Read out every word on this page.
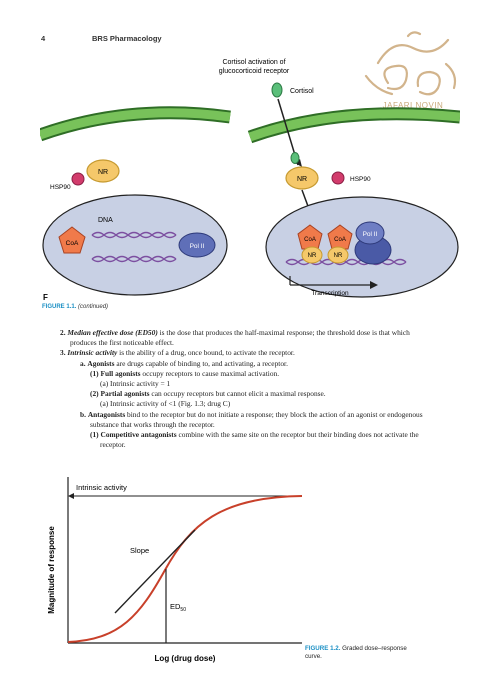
4	BRS Pharmacology
JAFARI NOVIN
PUBLICATION
Cortisol activation of
glucocorticoid receptor
Cortisol
NR
HSP90
DNA
CoA	Pol II
NR	HSP90
CoA	CoA
NR	NR
Pol II
Transcription
F
FIGURE 1.1. (continued)

2. Median effective dose (ED50) is the dose that produces the half-maximal response; the threshold dose is that which produces the first noticeable effect.

3. Intrinsic activity is the ability of a drug, once bound, to activate the receptor.

a. Agonists are drugs capable of binding to, and activating, a receptor.

(1) Full agonists occupy receptors to cause maximal activation.

(a) Intrinsic activity = 1

(2) Partial agonists can occupy receptors but cannot elicit a maximal response.

(a) Intrinsic activity of <1 (Fig. 1.3; drug C)

b. Antagonists bind to the receptor but do not initiate a response; they block the action of an agonist or endogenous substance that works through the receptor.

(1) Competitive antagonists combine with the same site on the receptor but their binding does not activate the receptor.

Magnitude of response
Log (drug dose)
Intrinsic activity
Slope
$ED_{50}$
FIGURE 1.2. Graded dose–response curve.
